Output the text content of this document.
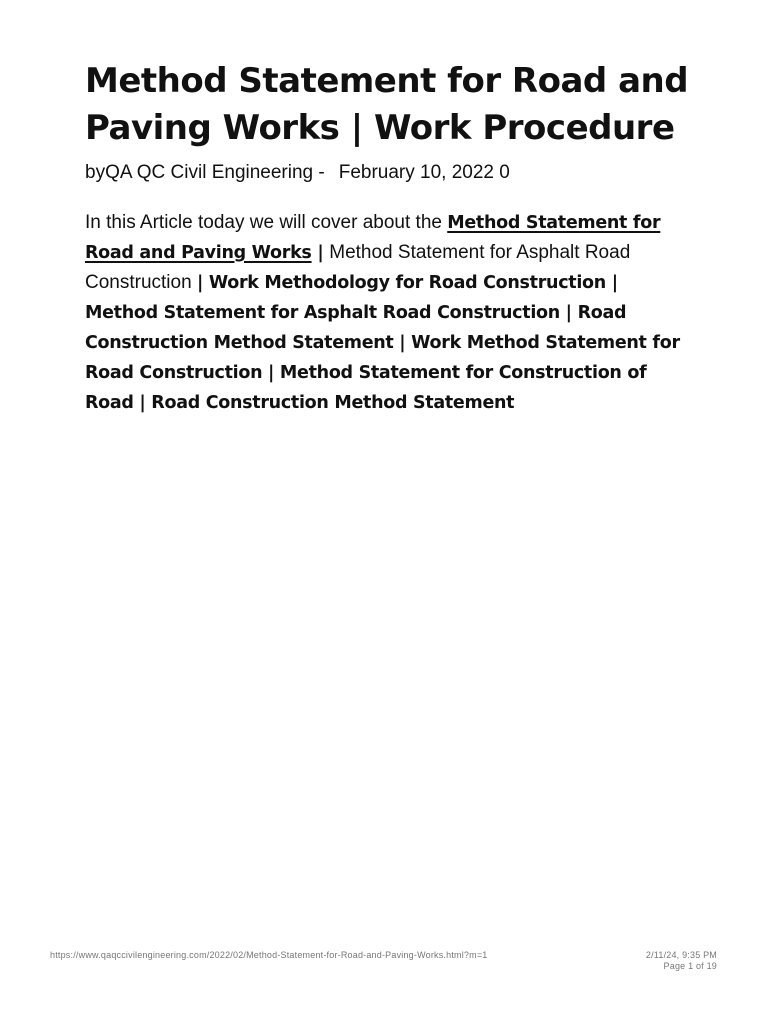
Method Statement for Road and Paving Works | Work Procedure
byQA QC Civil Engineering - February 10, 2022 0

In this Article today we will cover about the Method Statement for Road and Paving Works | Method Statement for Asphalt Road Construction | Work Methodology for Road Construction | Method Statement for Asphalt Road Construction | Road Construction Method Statement | Work Method Statement for Road Construction | Method Statement for Construction of Road | Road Construction Method Statement

https://www.qaqccivilengineering.com/2022/02/Method-Statement-for-Road-and-Paving-Works.html?m=1	2/11/24, 9:35 PM
Page 1 of 19
